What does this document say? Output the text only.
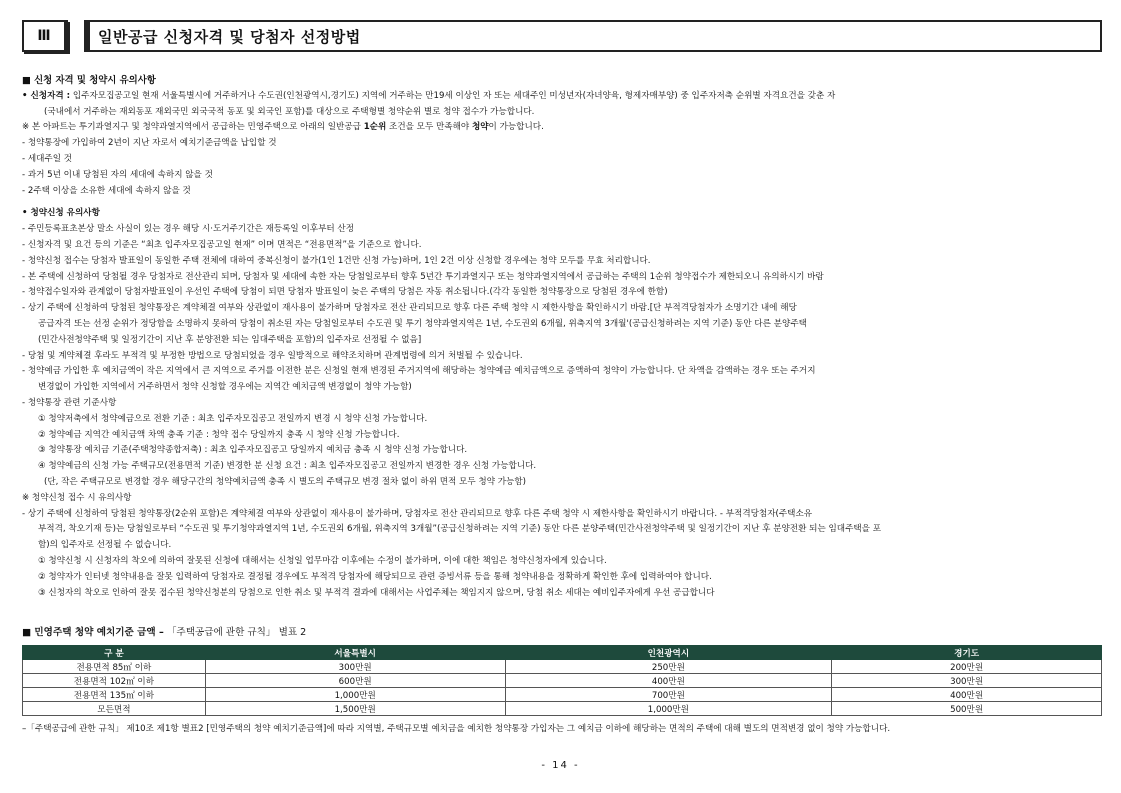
Ⅲ	일반공급 신청자격 및 당첨자 선정방법

■ 신청 자격 및 청약시 유의사항

• 신청자격 : 입주자모집공고일 현재 서울특별시에 거주하거나 수도권(인천광역시,경기도) 지역에 거주하는 만19세 이상인 자 또는 세대주인 미성년자(자녀양육, 형제자매부양) 중 입주자저축 순위별 자격요건을 갖춘 자

(국내에서 거주하는 재외동포 재외국민 외국국적 동포 및 외국인 포함)를 대상으로 주택형별 청약순위 별로 청약 접수가 가능합니다.

※ 본 아파트는 투기과열지구 및 청약과열지역에서 공급하는 민영주택으로 아래의 일반공급 1순위 조건을 모두 만족해야 청약이 가능합니다.

- 청약통장에 가입하여 2년이 지난 자로서 예치기준금액을 납입할 것

- 세대주일 것

- 과거 5년 이내 당첨된 자의 세대에 속하지 않을 것

- 2주택 이상을 소유한 세대에 속하지 않을 것

• 청약신청 유의사항

- 주민등록표초본상 말소 사실이 있는 경우 해당 시·도거주기간은 재등록일 이후부터 산정

- 신청자격 및 요건 등의 기준은 “최초 입주자모집공고일 현재” 이며 면적은 “전용면적”을 기준으로 합니다.

- 청약신청 접수는 당첨자 발표일이 동일한 주택 전체에 대하여 중복신청이 불가(1인 1건만 신청 가능)하며, 1인 2건 이상 신청할 경우에는 청약 모두를 무효 처리합니다.

- 본 주택에 신청하여 당첨될 경우 당첨자로 전산관리 되며, 당첨자 및 세대에 속한 자는 당첨일로부터 향후 5년간 투기과열지구 또는 청약과열지역에서 공급하는 주택의 1순위 청약접수가 제한되오니 유의하시기 바람

- 청약접수일자와 관계없이 당첨자발표일이 우선인 주택에 당첨이 되면 당첨자 발표일이 늦은 주택의 당첨은 자동 취소됩니다.(각각 동일한 청약통장으로 당첨된 경우에 한함)

- 상기 주택에 신청하여 당첨된 청약통장은 계약체결 여부와 상관없이 재사용이 불가하며 당첨자로 전산 관리되므로 향후 다른 주택 청약 시 제한사항을 확인하시기 바람.[단 부적격당첨자가 소명기간 내에 해당

공급자격 또는 선정 순위가 정당함을 소명하지 못하여 당첨이 취소된 자는 당첨일로부터 수도권 및 투기 청약과열지역은 1년, 수도권외 6개월, 위축지역 3개월'(공급신청하려는 지역 기준) 동안 다른 분양주택

(민간사전청약주택 및 일정기간이 지난 후 분양전환 되는 임대주택을 포함)의 입주자로 선정될 수 없음]

- 당첨 및 계약체결 후라도 부적격 및 부정한 방법으로 당첨되었을 경우 일방적으로 해약조치하며 관계법령에 의거 처벌될 수 있습니다.

- 청약예금 가입한 후 예치금액이 작은 지역에서 큰 지역으로 주거를 이전한 분은 신청일 현재 변경된 주거지역에 해당하는 청약예금 예치금액으로 증액하여 청약이 가능합니다. 단 차액을 감액하는 경우 또는 주거지

변경없이 가입한 지역에서 거주하면서 청약 신청할 경우에는 지역간 예치금액 변경없이 청약 가능함)

- 청약통장 관련 기준사항

① 청약저축에서 청약예금으로 전환 기준 : 최초 입주자모집공고 전일까지 변경 시 청약 신청 가능합니다.

② 청약예금 지역간 예치금액 차액 충족 기준 : 청약 접수 당일까지 충족 시 청약 신청 가능합니다.

③ 청약통장 예치금 기준(주택청약종합저축) : 최초 입주자모집공고 당일까지 예치금 충족 시 청약 신청 가능합니다.

④ 청약예금의 신청 가능 주택규모(전용면적 기준) 변경한 분 신청 요건 : 최초 입주자모집공고 전일까지 변경한 경우 신청 가능합니다.

(단, 작은 주택규모로 변경할 경우 해당구간의 청약예치금액 충족 시 별도의 주택규모 변경 절차 없이 하위 면적 모두 청약 가능함)

※ 청약신청 접수 시 유의사항

- 상기 주택에 신청하여 당첨된 청약통장(2순위 포함)은 계약체결 여부와 상관없이 재사용이 불가하며, 당첨자로 전산 관리되므로 향후 다른 주택 청약 시 제한사항을 확인하시기 바랍니다. - 부적격당첨자(주택소유

부적격, 착오기재 등)는 당첨일로부터 “수도권 및 투기청약과열지역 1년, 수도권외 6개월, 위축지역 3개월”(공급신청하려는 지역 기준) 동안 다른 분양주택(민간사전청약주택 및 일정기간이 지난 후 분양전환 되는 임대주택을 포

함)의 입주자로 선정될 수 없습니다.

① 청약신청 시 신청자의 착오에 의하여 잘못된 신청에 대해서는 신청일 업무마감 이후에는 수정이 불가하며, 이에 대한 책임은 청약신청자에게 있습니다.

② 청약자가 인터넷 청약내용을 잘못 입력하여 당첨자로 결정될 경우에도 부적격 당첨자에 해당되므로 관련 증빙서류 등을 통해 청약내용을 정확하게 확인한 후에 입력하여야 합니다.

③ 신청자의 착오로 인하여 잘못 접수된 청약신청분의 당첨으로 인한 취소 및 부적격 결과에 대해서는 사업주체는 책임지지 않으며, 당첨 취소 세대는 예비입주자에게 우선 공급합니다

■ 민영주택 청약 예치기준 금액 – 「주택공급에 관한 규칙」 별표 2
구 분	서울특별시	인천광역시	경기도
전용면적 85㎡ 이하	300만원	250만원	200만원
전용면적 102㎡ 이하	600만원	400만원	300만원
전용면적 135㎡ 이하	1,000만원	700만원	400만원
모든면적	1,500만원	1,000만원	500만원
–「주택공급에 관한 규칙」 제10조 제1항 별표2 [민영주택의 청약 예치기준금액]에 따라 지역별, 주택규모별 예치금을 예치한 청약통장 가입자는 그 예치금 이하에 해당하는 면적의 주택에 대해 별도의 면적변경 없이 청약 가능합니다.
- 14 -
